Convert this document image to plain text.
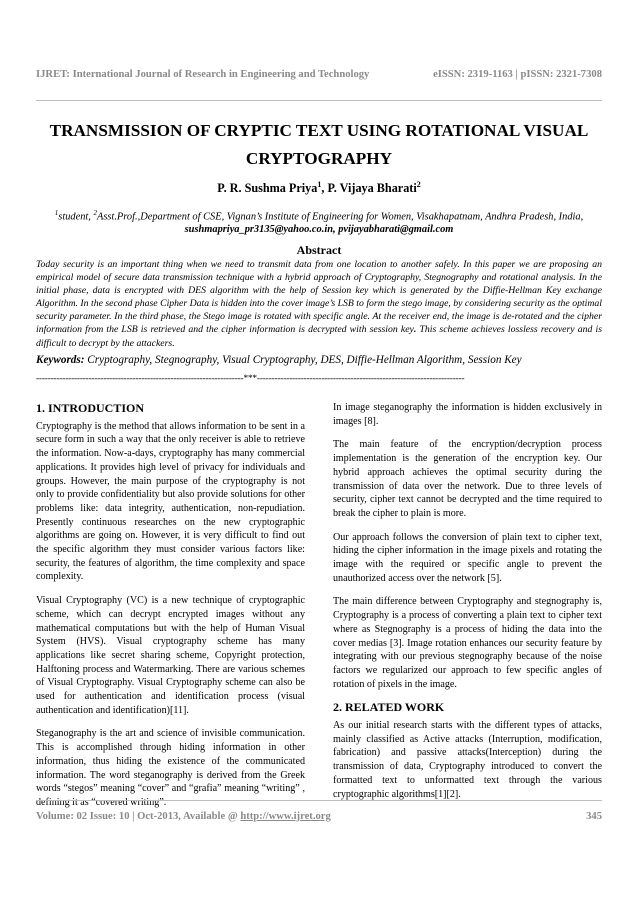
IJRET: International Journal of Research in Engineering and Technology	eISSN: 2319-1163 | pISSN: 2321-7308
TRANSMISSION OF CRYPTIC TEXT USING ROTATIONAL VISUAL CRYPTOGRAPHY
P. R. Sushma Priya$^1$, P. Vijaya Bharati$^2$
$^1$student, $^2$Asst.Prof.,Department of CSE, Vignan’s Institute of Engineering for Women, Visakhapatnam, Andhra Pradesh, India, sushmapriya_pr3135@yahoo.co.in, pvijayabharati@gmail.com
Abstract
Today security is an important thing when we need to transmit data from one location to another safely. In this paper we are proposing an empirical model of secure data transmission technique with a hybrid approach of Cryptography, Stegnography and rotational analysis. In the initial phase, data is encrypted with DES algorithm with the help of Session key which is generated by the Diffie-Hellman Key exchange Algorithm. In the second phase Cipher Data is hidden into the cover image’s LSB to form the stego image, by considering security as the optimal security parameter. In the third phase, the Stego image is rotated with specific angle. At the receiver end, the image is de-rotated and the cipher information from the LSB is retrieved and the cipher information is decrypted with session key. This scheme achieves lossless recovery and is difficult to decrypt by the attackers.
Keywords: Cryptography, Stegnography, Visual Cryptography, DES, Diffie-Hellman Algorithm, Session Key
-----------------------------------------------------------------------***-----------------------------------------------------------------------
1. INTRODUCTION

Cryptography is the method that allows information to be sent in a secure form in such a way that the only receiver is able to retrieve the information. Now-a-days, cryptography has many commercial applications. It provides high level of privacy for individuals and groups. However, the main purpose of the cryptography is not only to provide confidentiality but also provide solutions for other problems like: data integrity, authentication, non-repudiation. Presently continuous researches on the new cryptographic algorithms are going on. However, it is very difficult to find out the specific algorithm they must consider various factors like: security, the features of algorithm, the time complexity and space complexity.

Visual Cryptography (VC) is a new technique of cryptographic scheme, which can decrypt encrypted images without any mathematical computations but with the help of Human Visual System (HVS). Visual cryptography scheme has many applications like secret sharing scheme, Copyright protection, Halftoning process and Watermarking. There are various schemes of Visual Cryptography. Visual Cryptography scheme can also be used for authentication and identification process (visual authentication and identification)[11].

Steganography is the art and science of invisible communication. This is accomplished through hiding information in other information, thus hiding the existence of the communicated information. The word steganography is derived from the Greek words “stegos” meaning “cover” and “grafia” meaning “writing” , defining it as “covered writing”.

In image steganography the information is hidden exclusively in images [8].

The main feature of the encryption/decryption process implementation is the generation of the encryption key. Our hybrid approach achieves the optimal security during the transmission of data over the network. Due to three levels of security, cipher text cannot be decrypted and the time required to break the cipher to plain is more.

Our approach follows the conversion of plain text to cipher text, hiding the cipher information in the image pixels and rotating the image with the required or specific angle to prevent the unauthorized access over the network [5].

The main difference between Cryptography and stegnography is, Cryptography is a process of converting a plain text to cipher text where as Stegnography is a process of hiding the data into the cover medias [3]. Image rotation enhances our security feature by integrating with our previous stegnography because of the noise factors we regularized our approach to few specific angles of rotation of pixels in the image.

2. RELATED WORK

As our initial research starts with the different types of attacks, mainly classified as Active attacks (Interruption, modification, fabrication) and passive attacks(Interception) during the transmission of data, Cryptography introduced to convert the formatted text to unformatted text through the various cryptographic algorithms[1][2].

Volume: 02 Issue: 10 | Oct-2013, Available @ http://www.ijret.org	345
